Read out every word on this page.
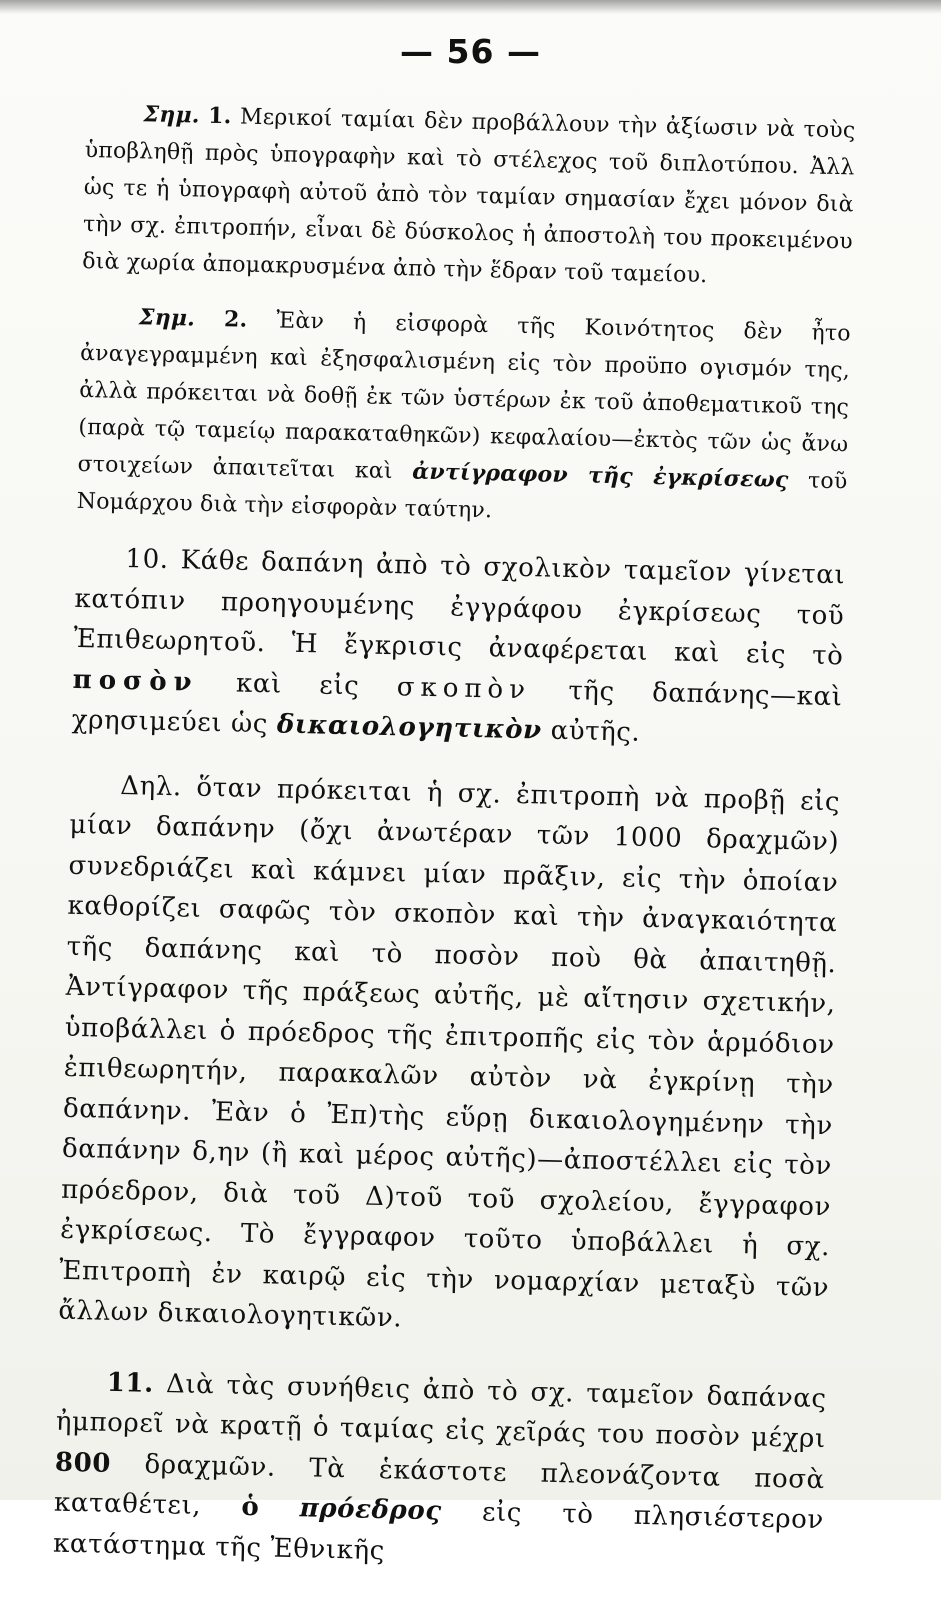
— 56 —

Σημ. 1. Μερικοί ταμίαι δὲν προβάλλουν τὴν ἀξίωσιν νὰ τοὺς ὑποβληθῇ πρὸς ὑπογραφὴν καὶ τὸ στέλεχος τοῦ διπλοτύπου. Ἀλλ ὡς τε ἡ ὑπογραφὴ αὐτοῦ ἀπὸ τὸν ταμίαν σημασίαν ἔχει μόνον διὰ τὴν σχ. ἐπιτροπήν, εἶναι δὲ δύσκολος ἡ ἀποστολὴ του προκειμένου διὰ χωρία ἀπομακρυσμένα ἀπὸ τὴν ἕδραν τοῦ ταμείου.

Σημ. 2. Ἐὰν ἡ εἰσφορὰ τῆς Κοινότητος δὲν ἦτο ἀναγεγραμμένη καὶ ἐξησφαλισμένη εἰς τὸν προϋπο ογισμόν της, ἀλλὰ πρόκειται νὰ δοθῇ ἐκ τῶν ὑστέρων ἐκ τοῦ ἀποθεματικοῦ της (παρὰ τῷ ταμείῳ παρακαταθηκῶν) κεφαλαίου—ἐκτὸς τῶν ὡς ἄνω στοιχείων ἀπαιτεῖται καὶ ἀντίγραφον τῆς ἐγκρίσεως τοῦ Νομάρχου διὰ τὴν εἰσφορὰν ταύτην.

10. Κάθε δαπάνη ἀπὸ τὸ σχολικὸν ταμεῖον γίνεται κατόπιν προηγουμένης ἐγγράφου ἐγκρίσεως τοῦ Ἐπιθεωρητοῦ. Ἡ ἔγκρισις ἀναφέρεται καὶ εἰς τὸ ποσὸν καὶ εἰς σκοπὸν τῆς δαπάνης—καὶ χρησιμεύει ὡς δικαιολογητικὸν αὐτῆς.

Δηλ. ὅταν πρόκειται ἡ σχ. ἐπιτροπὴ νὰ προβῇ εἰς μίαν δαπάνην (ὄχι ἀνωτέραν τῶν 1000 δραχμῶν) συνεδριάζει καὶ κάμνει μίαν πρᾶξιν, εἰς τὴν ὁποίαν καθορίζει σαφῶς τὸν σκοπὸν καὶ τὴν ἀναγκαιότητα τῆς δαπάνης καὶ τὸ ποσὸν ποὺ θὰ ἀπαιτηθῇ. Ἀντίγραφον τῆς πράξεως αὐτῆς, μὲ αἴτησιν σχετικήν, ὑποβάλλει ὁ πρόεδρος τῆς ἐπιτροπῆς εἰς τὸν ἁρμόδιον ἐπιθεωρητήν, παρακαλῶν αὐτὸν νὰ ἐγκρίνῃ τὴν δαπάνην. Ἐὰν ὁ Ἐπ)τὴς εὕρῃ δικαιολογημένην τὴν δαπάνην δ,ην (ἢ καὶ μέρος αὐτῆς)—ἀποστέλλει εἰς τὸν πρόεδρον, διὰ τοῦ Δ)τοῦ τοῦ σχολείου, ἔγγραφον ἐγκρίσεως. Τὸ ἔγγραφον τοῦτο ὑποβάλλει ἡ σχ. Ἐπιτροπὴ ἐν καιρῷ εἰς τὴν νομαρχίαν μεταξὺ τῶν ἄλλων δικαιολογητικῶν.

11. Διὰ τὰς συνήθεις ἀπὸ τὸ σχ. ταμεῖον δαπάνας ἠμπορεῖ νὰ κρατῇ ὁ ταμίας εἰς χεῖράς του ποσὸν μέχρι 800 δραχμῶν. Τὰ ἑκάστοτε πλεονάζοντα ποσὰ καταθέτει, ὁ πρόεδρος εἰς τὸ πλησιέστερον κατάστημα τῆς Ἐθνικῆς
